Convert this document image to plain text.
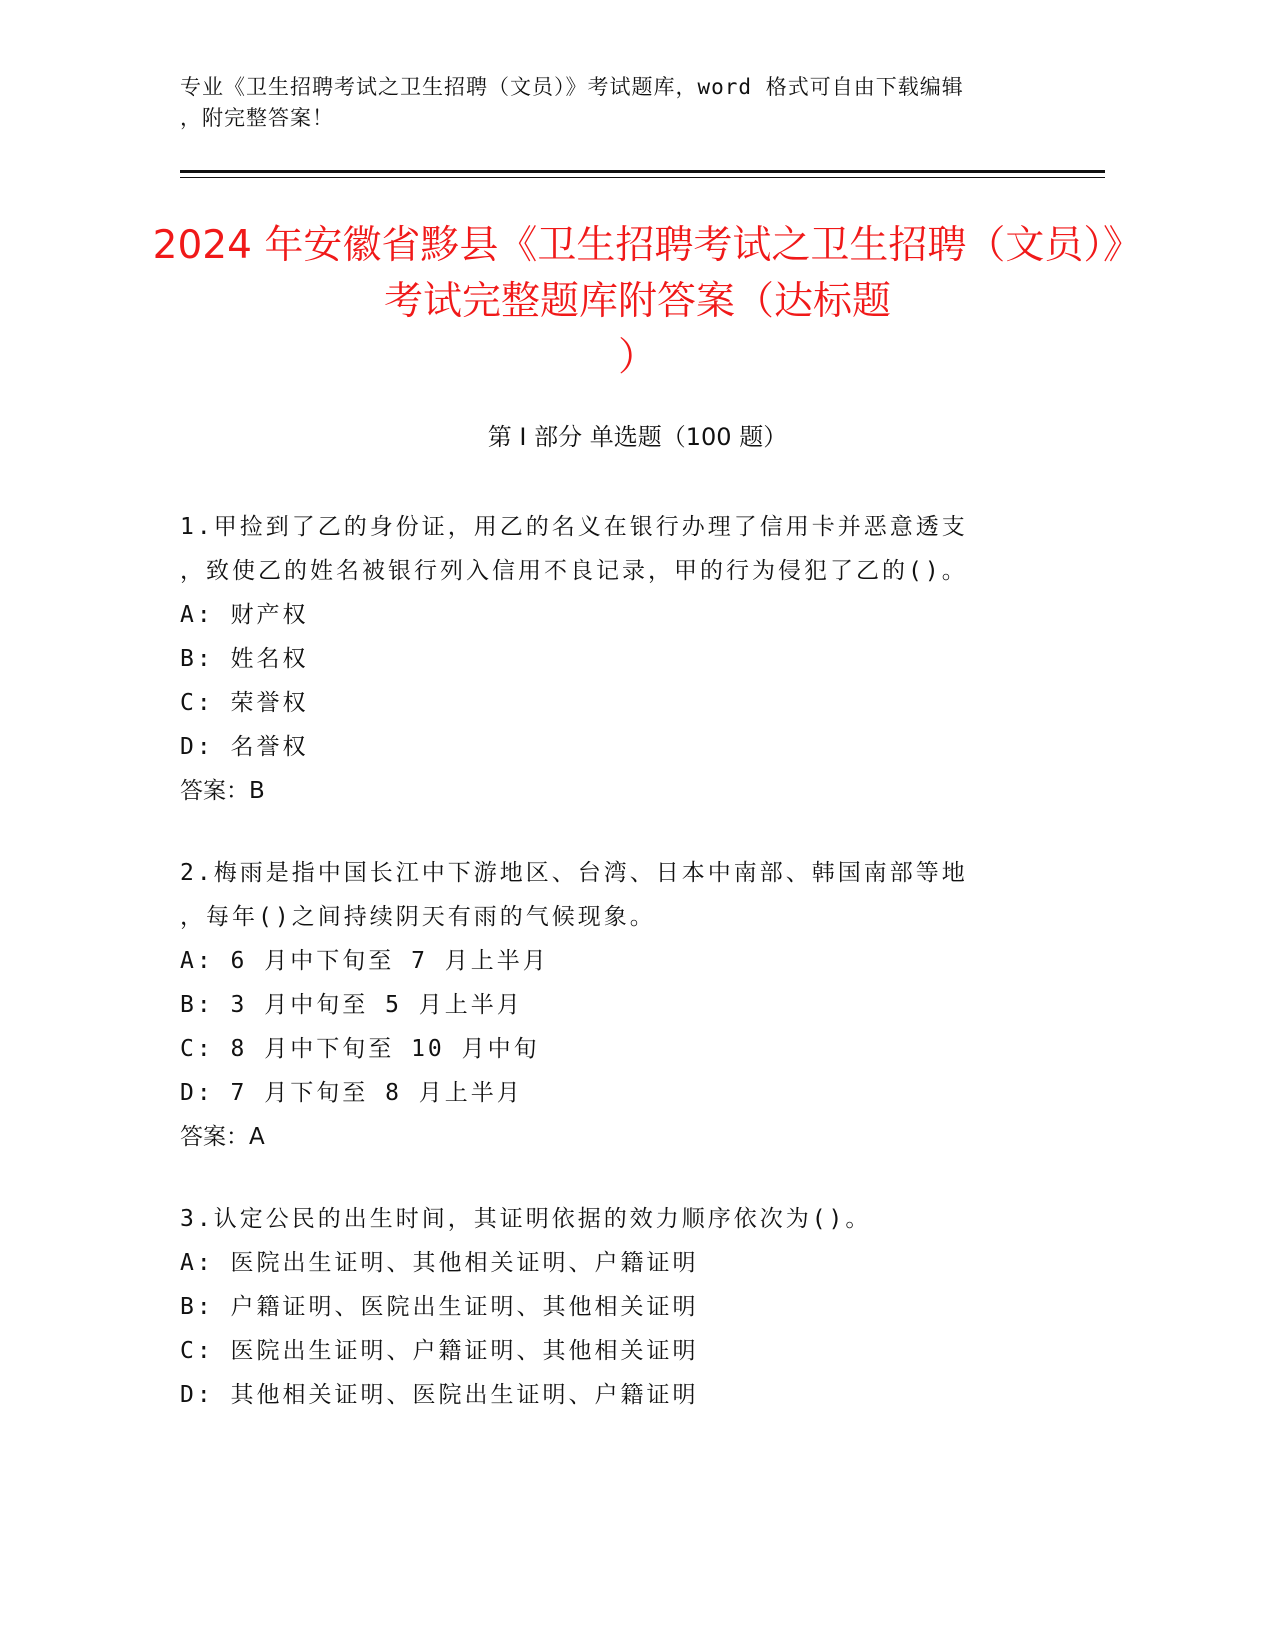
专业《卫生招聘考试之卫生招聘（文员）》考试题库，word 格式可自由下载编辑
，附完整答案！
2024 年安徽省黟县《卫生招聘考试之卫生招聘（文员）》考试完整题库附答案（达标题
）
第 I 部分 单选题（100 题）
1.甲捡到了乙的身份证，用乙的名义在银行办理了信用卡并恶意透支
，致使乙的姓名被银行列入信用不良记录，甲的行为侵犯了乙的()。
A: 财产权
B: 姓名权
C: 荣誉权
D: 名誉权
答案：B
2.梅雨是指中国长江中下游地区、台湾、日本中南部、韩国南部等地
，每年()之间持续阴天有雨的气候现象。
A: 6 月中下旬至 7 月上半月
B: 3 月中旬至 5 月上半月
C: 8 月中下旬至 10 月中旬
D: 7 月下旬至 8 月上半月
答案：A
3.认定公民的出生时间，其证明依据的效力顺序依次为()。
A: 医院出生证明、其他相关证明、户籍证明
B: 户籍证明、医院出生证明、其他相关证明
C: 医院出生证明、户籍证明、其他相关证明
D: 其他相关证明、医院出生证明、户籍证明
